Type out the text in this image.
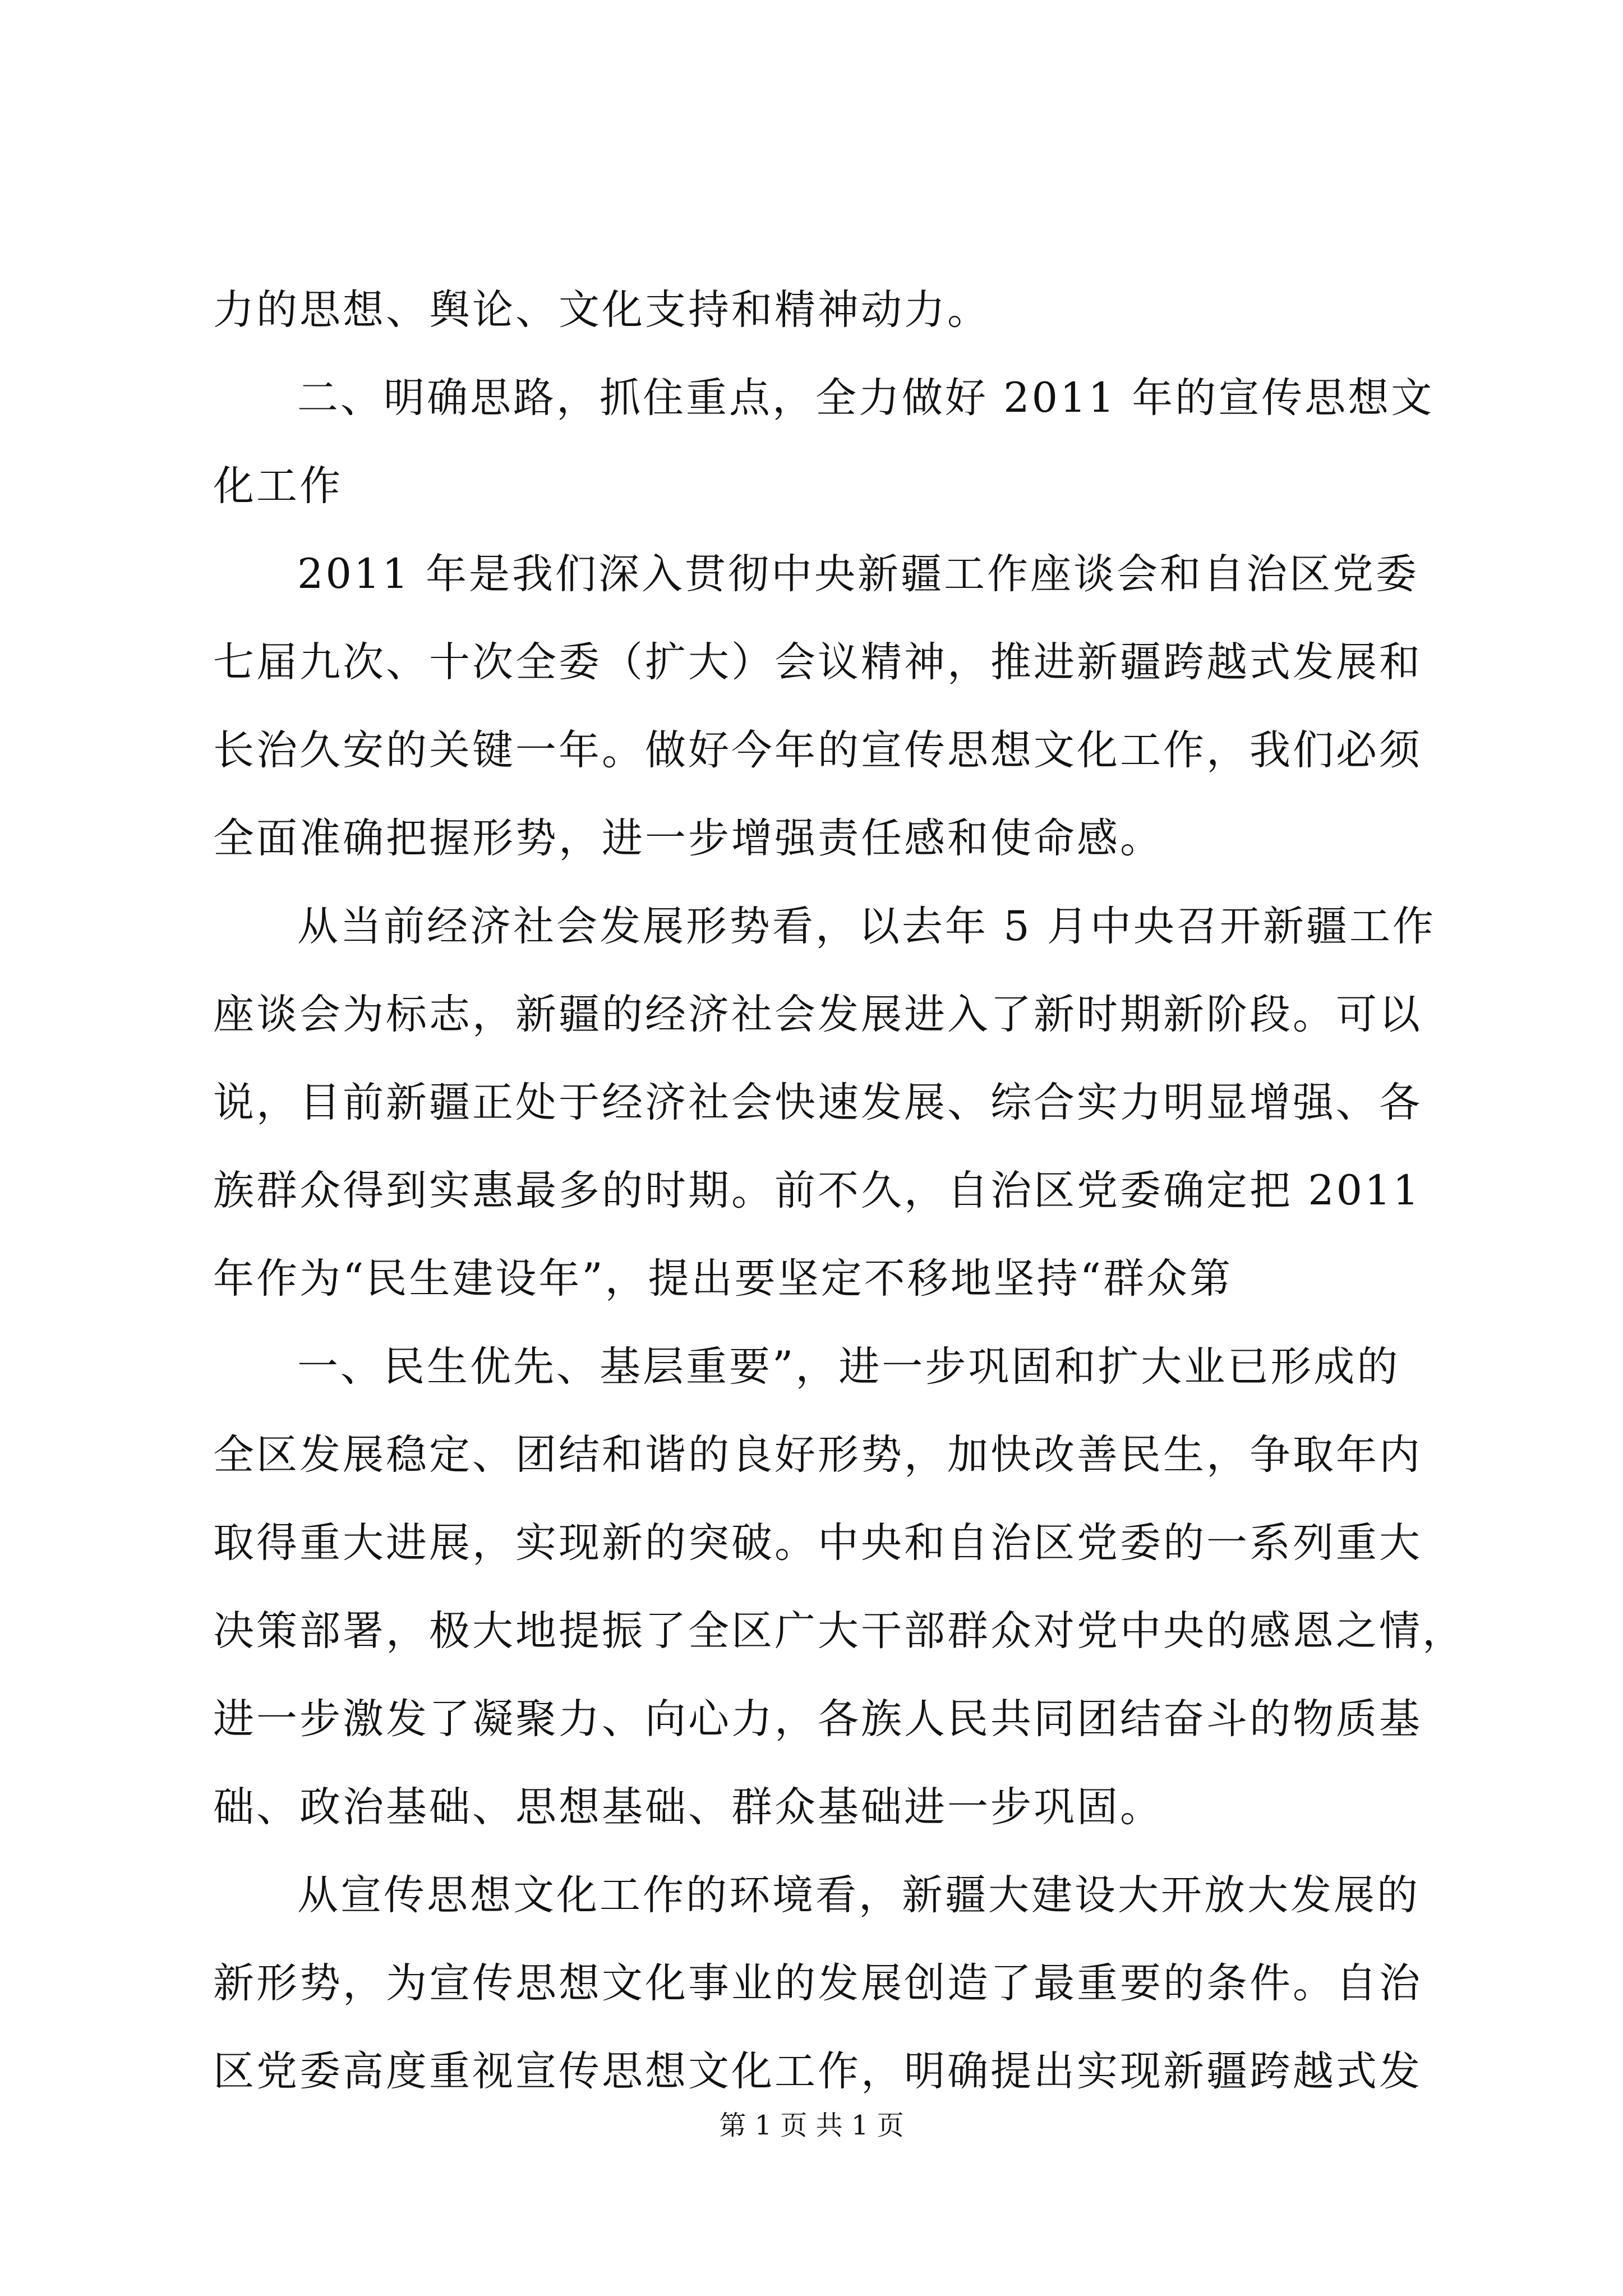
力的思想、舆论、文化支持和精神动力。
二、明确思路，抓住重点，全力做好 2011 年的宣传思想文
化工作
2011 年是我们深入贯彻中央新疆工作座谈会和自治区党委
七届九次、十次全委（扩大）会议精神，推进新疆跨越式发展和
长治久安的关键一年。做好今年的宣传思想文化工作，我们必须
全面准确把握形势，进一步增强责任感和使命感。
从当前经济社会发展形势看，以去年 5 月中央召开新疆工作
座谈会为标志，新疆的经济社会发展进入了新时期新阶段。可以
说，目前新疆正处于经济社会快速发展、综合实力明显增强、各
族群众得到实惠最多的时期。前不久，自治区党委确定把 2011
年作为“民生建设年”，提出要坚定不移地坚持“群众第
一、民生优先、基层重要”，进一步巩固和扩大业已形成的
全区发展稳定、团结和谐的良好形势，加快改善民生，争取年内
取得重大进展，实现新的突破。中央和自治区党委的一系列重大
决策部署，极大地提振了全区广大干部群众对党中央的感恩之情，
进一步激发了凝聚力、向心力，各族人民共同团结奋斗的物质基
础、政治基础、思想基础、群众基础进一步巩固。
从宣传思想文化工作的环境看，新疆大建设大开放大发展的
新形势，为宣传思想文化事业的发展创造了最重要的条件。自治
区党委高度重视宣传思想文化工作，明确提出实现新疆跨越式发
第 1 页 共 1 页
